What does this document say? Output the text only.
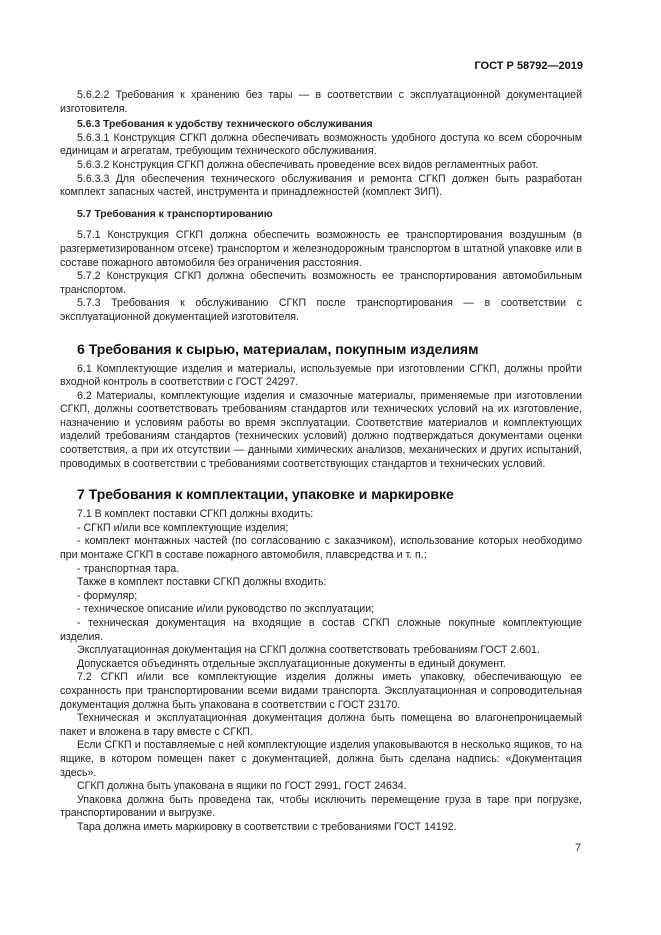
ГОСТ Р 58792—2019

5.6.2.2 Требования к хранению без тары — в соответствии с эксплуатационной документацией изготовителя.

5.6.3 Требования к удобству технического обслуживания

5.6.3.1 Конструкция СГКП должна обеспечивать возможность удобного доступа ко всем сборочным единицам и агрегатам, требующим технического обслуживания.

5.6.3.2 Конструкция СГКП должна обеспечивать проведение всех видов регламентных работ.

5.6.3.3 Для обеспечения технического обслуживания и ремонта СГКП должен быть разработан комплект запасных частей, инструмента и принадлежностей (комплект ЗИП).

5.7 Требования к транспортированию

5.7.1 Конструкция СГКП должна обеспечить возможность ее транспортирования воздушным (в разгерметизированном отсеке) транспортом и железнодорожным транспортом в штатной упаковке или в составе пожарного автомобиля без ограничения расстояния.

5.7.2 Конструкция СГКП должна обеспечить возможность ее транспортирования автомобильным транспортом.

5.7.3 Требования к обслуживанию СГКП после транспортирования — в соответствии с эксплуатационной документацией изготовителя.

6 Требования к сырью, материалам, покупным изделиям

6.1 Комплектующие изделия и материалы, используемые при изготовлении СГКП, должны пройти входной контроль в соответствии с ГОСТ 24297.

6.2 Материалы, комплектующие изделия и смазочные материалы, применяемые при изготовлении СГКП, должны соответствовать требованиям стандартов или технических условий на их изготовление, назначению и условиям работы во время эксплуатации. Соответствие материалов и комплектующих изделий требованиям стандартов (технических условий) должно подтверждаться документами оценки соответствия, а при их отсутствии — данными химических анализов, механических и других испытаний, проводимых в соответствии с требованиями соответствующих стандартов и технических условий.

7 Требования к комплектации, упаковке и маркировке

7.1 В комплект поставки СГКП должны входить:

- СГКП и/или все комплектующие изделия;

- комплект монтажных частей (по согласованию с заказчиком), использование которых необходимо при монтаже СГКП в составе пожарного автомобиля, плавсредства и т. п.;

- транспортная тара.

Также в комплект поставки СГКП должны входить:

- формуляр;

- техническое описание и/или руководство по эксплуатации;

- техническая документация на входящие в состав СГКП сложные покупные комплектующие изделия.

Эксплуатационная документация на СГКП должна соответствовать требованиям ГОСТ 2.601.

Допускается объединять отдельные эксплуатационные документы в единый документ.

7.2 СГКП и/или все комплектующие изделия должны иметь упаковку, обеспечивающую ее сохранность при транспортировании всеми видами транспорта. Эксплуатационная и сопроводительная документация должна быть упакована в соответствии с ГОСТ 23170.

Техническая и эксплуатационная документация должна быть помещена во влагонепроницаемый пакет и вложена в тару вместе с СГКП.

Если СГКП и поставляемые с ней комплектующие изделия упаковываются в несколько ящиков, то на ящике, в котором помещен пакет с документацией, должна быть сделана надпись: «Документация здесь».

СГКП должна быть упакована в ящики по ГОСТ 2991, ГОСТ 24634.

Упаковка должна быть проведена так, чтобы исключить перемещение груза в таре при погрузке, транспортировании и выгрузке.

Тара должна иметь маркировку в соответствии с требованиями ГОСТ 14192.

7
